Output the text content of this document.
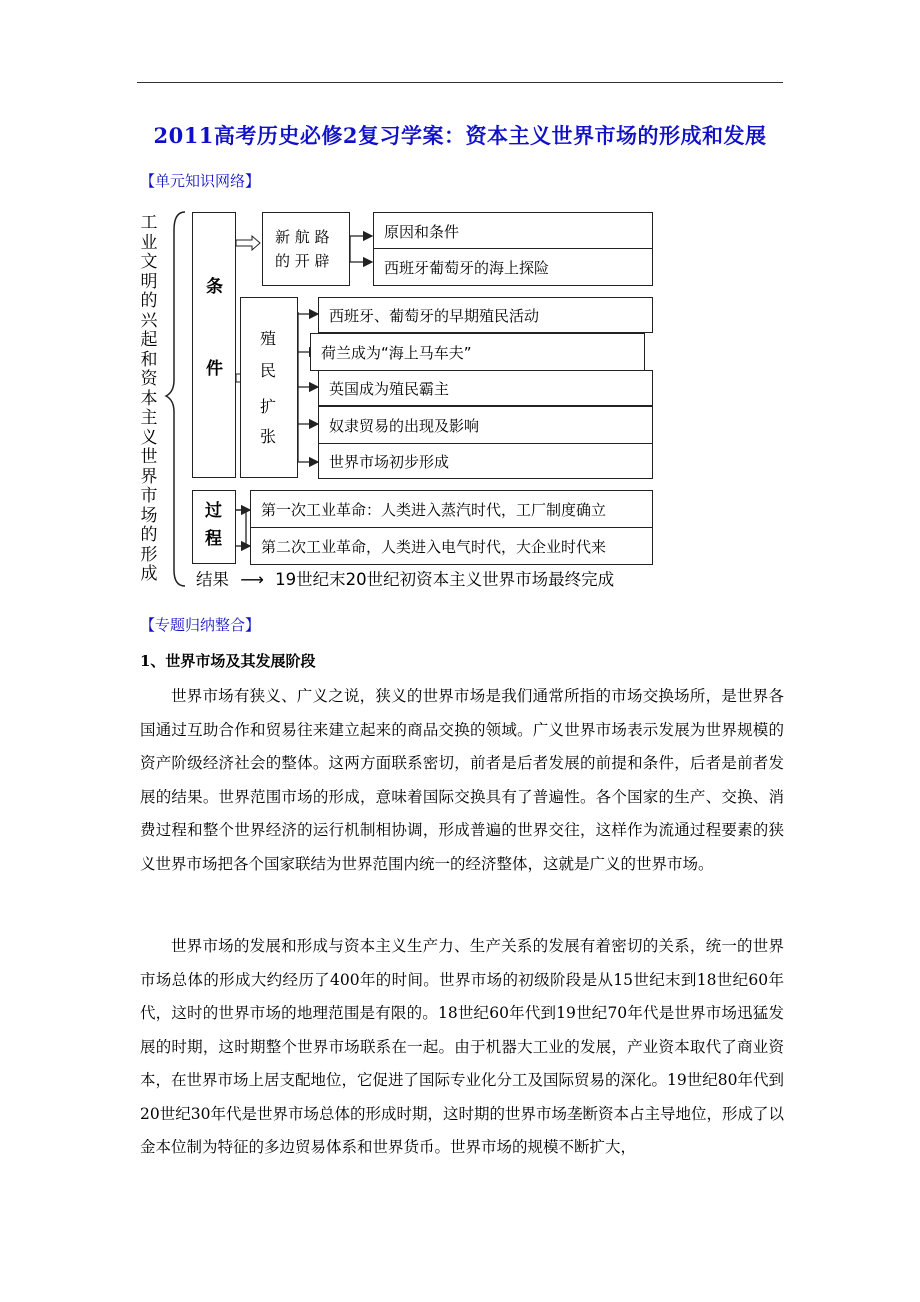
2011高考历史必修2复习学案：资本主义世界市场的形成和发展
【单元知识网络】
工业文明的兴起和资本主义世界市场的形成
条
件
新 航 路
的 开 辟
原因和条件
西班牙葡萄牙的海上探险
殖
民
扩
张
西班牙、葡萄牙的早期殖民活动
荷兰成为“海上马车夫”
英国成为殖民霸主
奴隶贸易的出现及影响
世界市场初步形成
过
程
第一次工业革命：人类进入蒸汽时代，工厂制度确立
第二次工业革命，人类进入电气时代，大企业时代来
结果 ⟶ 19世纪末20世纪初资本主义世界市场最终完成
【专题归纳整合】
1、世界市场及其发展阶段
世界市场有狭义、广义之说，狭义的世界市场是我们通常所指的市场交换场所，是世界各国通过互助合作和贸易往来建立起来的商品交换的领域。广义世界市场表示发展为世界规模的资产阶级经济社会的整体。这两方面联系密切，前者是后者发展的前提和条件，后者是前者发展的结果。世界范围市场的形成，意味着国际交换具有了普遍性。各个国家的生产、交换、消费过程和整个世界经济的运行机制相协调，形成普遍的世界交往，这样作为流通过程要素的狭义世界市场把各个国家联结为世界范围内统一的经济整体，这就是广义的世界市场。
世界市场的发展和形成与资本主义生产力、生产关系的发展有着密切的关系，统一的世界市场总体的形成大约经历了400年的时间。世界市场的初级阶段是从15世纪末到18世纪60年代，这时的世界市场的地理范围是有限的。18世纪60年代到19世纪70年代是世界市场迅猛发展的时期，这时期整个世界市场联系在一起。由于机器大工业的发展，产业资本取代了商业资本，在世界市场上居支配地位，它促进了国际专业化分工及国际贸易的深化。19世纪80年代到20世纪30年代是世界市场总体的形成时期，这时期的世界市场垄断资本占主导地位，形成了以金本位制为特征的多边贸易体系和世界货币。世界市场的规模不断扩大，
